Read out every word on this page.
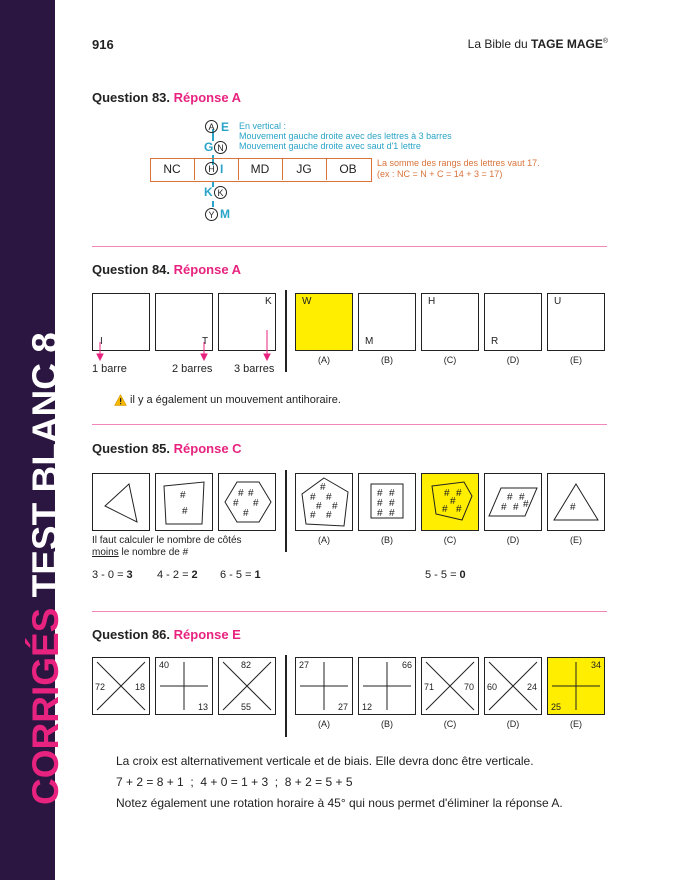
CORRIGÉS TEST BLANC 8
916	La Bible du TAGE MAGE®
Question 83. Réponse A
A E
G N
NC	H I	MD	JG	OB
K K
Y M
En vertical :
Mouvement gauche droite avec des lettres à 3 barres
Mouvement gauche droite avec saut d'1 lettre
La somme des rangs des lettres vaut 17.
(ex : NC = N + C = 14 + 3 = 17)
Question 84. Réponse A
I	T
K
1 barre	2 barres 3 barres
W
M
H
R
U
(A)	(B)	(C)	(D)	(E)
il y a également un mouvement antihoraire.
Question 85. Réponse C
#
#
# #
# #
#
#
# #
# #
# #
# #
# #
# #
# #
#
# #
# #
# # #	#
(A)	(B)	(C)	(D)	(E)
Il faut calculer le nombre de côtés
moins le nombre de #
3 - 0 = 3 4 - 2 = 2 6 - 5 = 1	5 - 5 = 0
Question 86. Réponse E
72	18
40
13
82
55
27
27
66
12
71	70 60	24
34
25
(A)	(B)	(C)	(D)	(E)
La croix est alternativement verticale et de biais. Elle devra donc être verticale.
7 + 2 = 8 + 1  ;  4 + 0 = 1 + 3  ;  8 + 2 = 5 + 5
Notez également une rotation horaire à 45° qui nous permet d'éliminer la réponse A.
